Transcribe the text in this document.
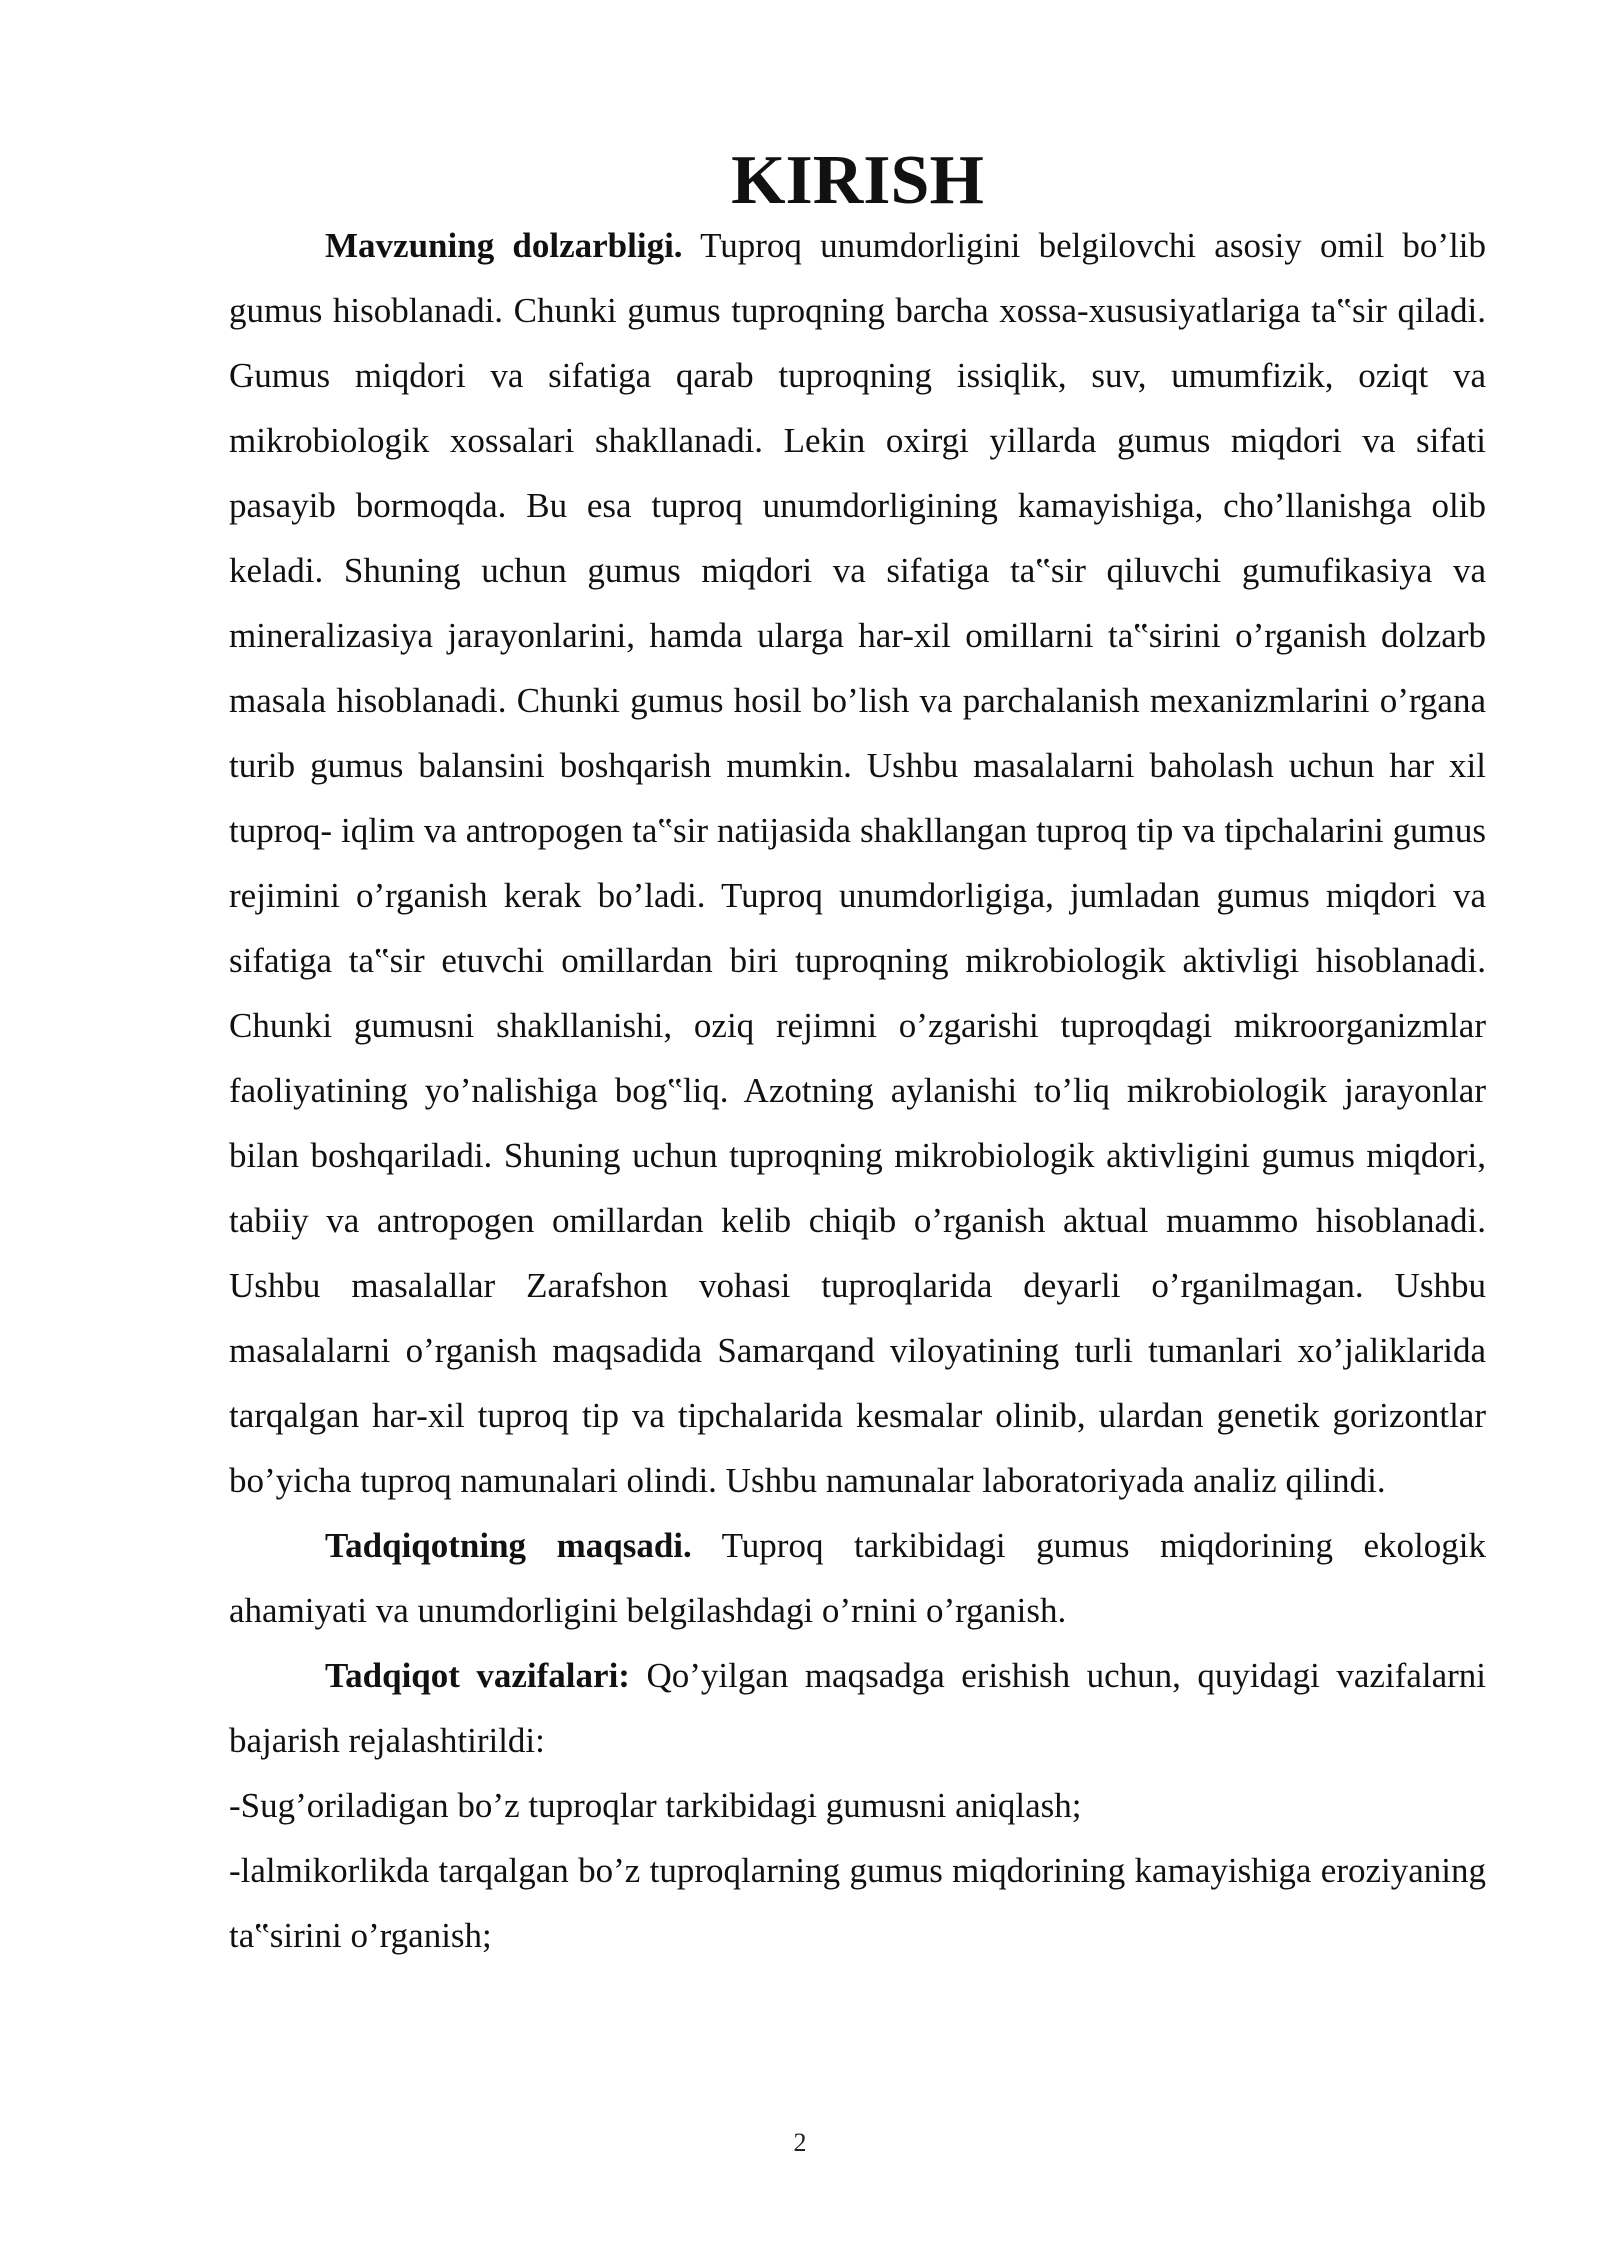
KIRISH

Mavzuning dolzarbligi. Tuproq unumdorligini belgilovchi asosiy omil bo’lib gumus hisoblanadi. Chunki gumus tuproqning barcha xossa-xususiyatlariga ta‟sir qiladi. Gumus miqdori va sifatiga qarab tuproqning issiqlik, suv, umumfizik, oziqt va mikrobiologik xossalari shakllanadi. Lekin oxirgi yillarda gumus miqdori va sifati pasayib bormoqda. Bu esa tuproq unumdorligining kamayishiga, cho’llanishga olib keladi. Shuning uchun gumus miqdori va sifatiga ta‟sir qiluvchi gumufikasiya va mineralizasiya jarayonlarini, hamda ularga har-xil omillarni ta‟sirini o’rganish dolzarb masala hisoblanadi. Chunki gumus hosil bo’lish va parchalanish mexanizmlarini o’rgana turib gumus balansini boshqarish mumkin. Ushbu masalalarni baholash uchun har xil tuproq- iqlim va antropogen ta‟sir natijasida shakllangan tuproq tip va tipchalarini gumus rejimini o’rganish kerak bo’ladi. Tuproq unumdorligiga, jumladan gumus miqdori va sifatiga ta‟sir etuvchi omillardan biri tuproqning mikrobiologik aktivligi hisoblanadi. Chunki gumusni shakllanishi, oziq rejimni o’zgarishi tuproqdagi mikroorganizmlar faoliyatining yo’nalishiga bog‟liq. Azotning aylanishi to’liq mikrobiologik jarayonlar bilan boshqariladi. Shuning uchun tuproqning mikrobiologik aktivligini gumus miqdori, tabiiy va antropogen omillardan kelib chiqib o’rganish aktual muammo hisoblanadi. Ushbu masalallar Zarafshon vohasi tuproqlarida deyarli o’rganilmagan. Ushbu masalalarni o’rganish maqsadida Samarqand viloyatining turli tumanlari xo’jaliklarida tarqalgan har-xil tuproq tip va tipchalarida kesmalar olinib, ulardan genetik gorizontlar bo’yicha tuproq namunalari olindi. Ushbu namunalar laboratoriyada analiz qilindi.

Tadqiqotning maqsadi. Tuproq tarkibidagi gumus miqdorining ekologik ahamiyati va unumdorligini belgilashdagi o’rnini o’rganish.

Tadqiqot vazifalari: Qo’yilgan maqsadga erishish uchun, quyidagi vazifalarni bajarish rejalashtirildi:

-Sug’oriladigan bo’z tuproqlar tarkibidagi gumusni aniqlash;

-lalmikorlikda tarqalgan bo’z tuproqlarning gumus miqdorining kamayishiga eroziyaning ta‟sirini o’rganish;

2
